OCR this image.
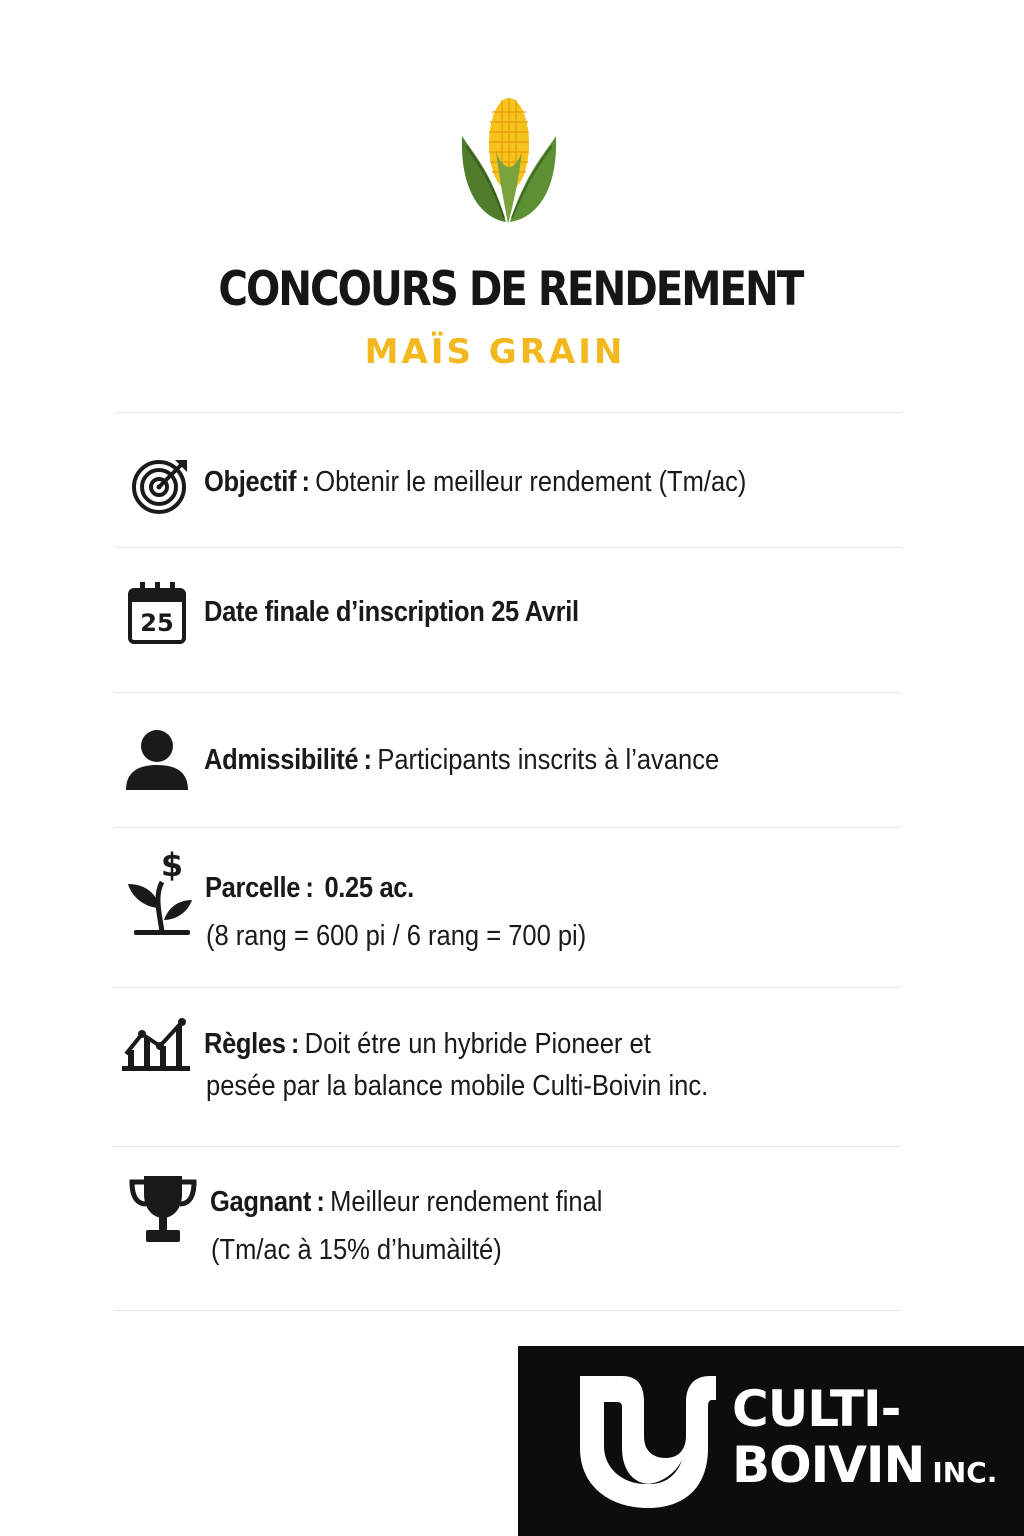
CONCOURS DE RENDEMENT
MAÏS GRAIN
Objectif : Obtenir le meilleur rendement (Tm/ac)
25 Date finale d’inscription 25 Avril
Admissibilité : Participants inscrits à l’avance
$
Parcelle : 0.25 ac.
(8 rang = 600 pi / 6 rang = 700 pi)
Règles : Doit étre un hybride Pioneer et
pesée par la balance mobile Culti-Boivin inc.
Gagnant : Meilleur rendement final
(Tm/ac à 15% d’humàilté)
CULTI-
BOIVIN INC.
